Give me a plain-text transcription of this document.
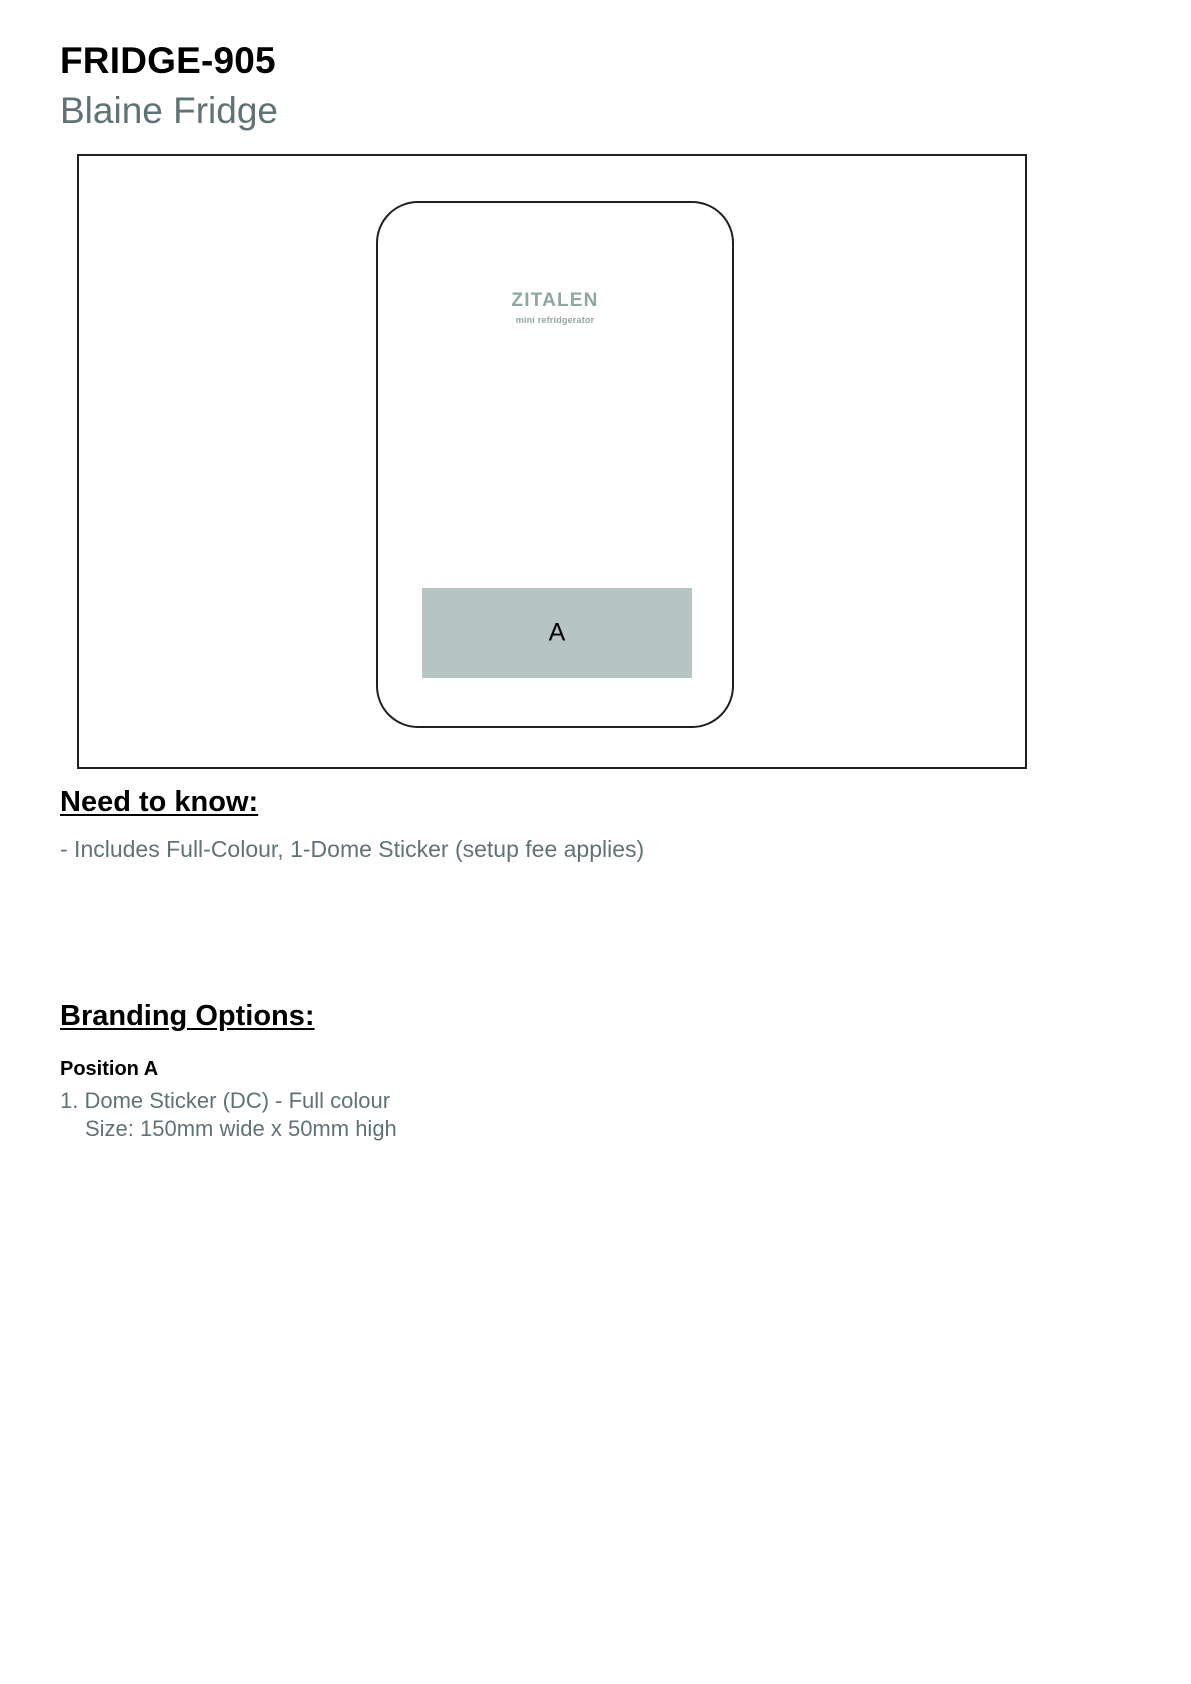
FRIDGE-905
Blaine Fridge
ZITALEN
mini refridgerator
A
Need to know:
- Includes Full-Colour, 1-Dome Sticker (setup fee applies)
Branding Options:
Position A
1. Dome Sticker (DC) - Full colour
Size: 150mm wide x 50mm high
